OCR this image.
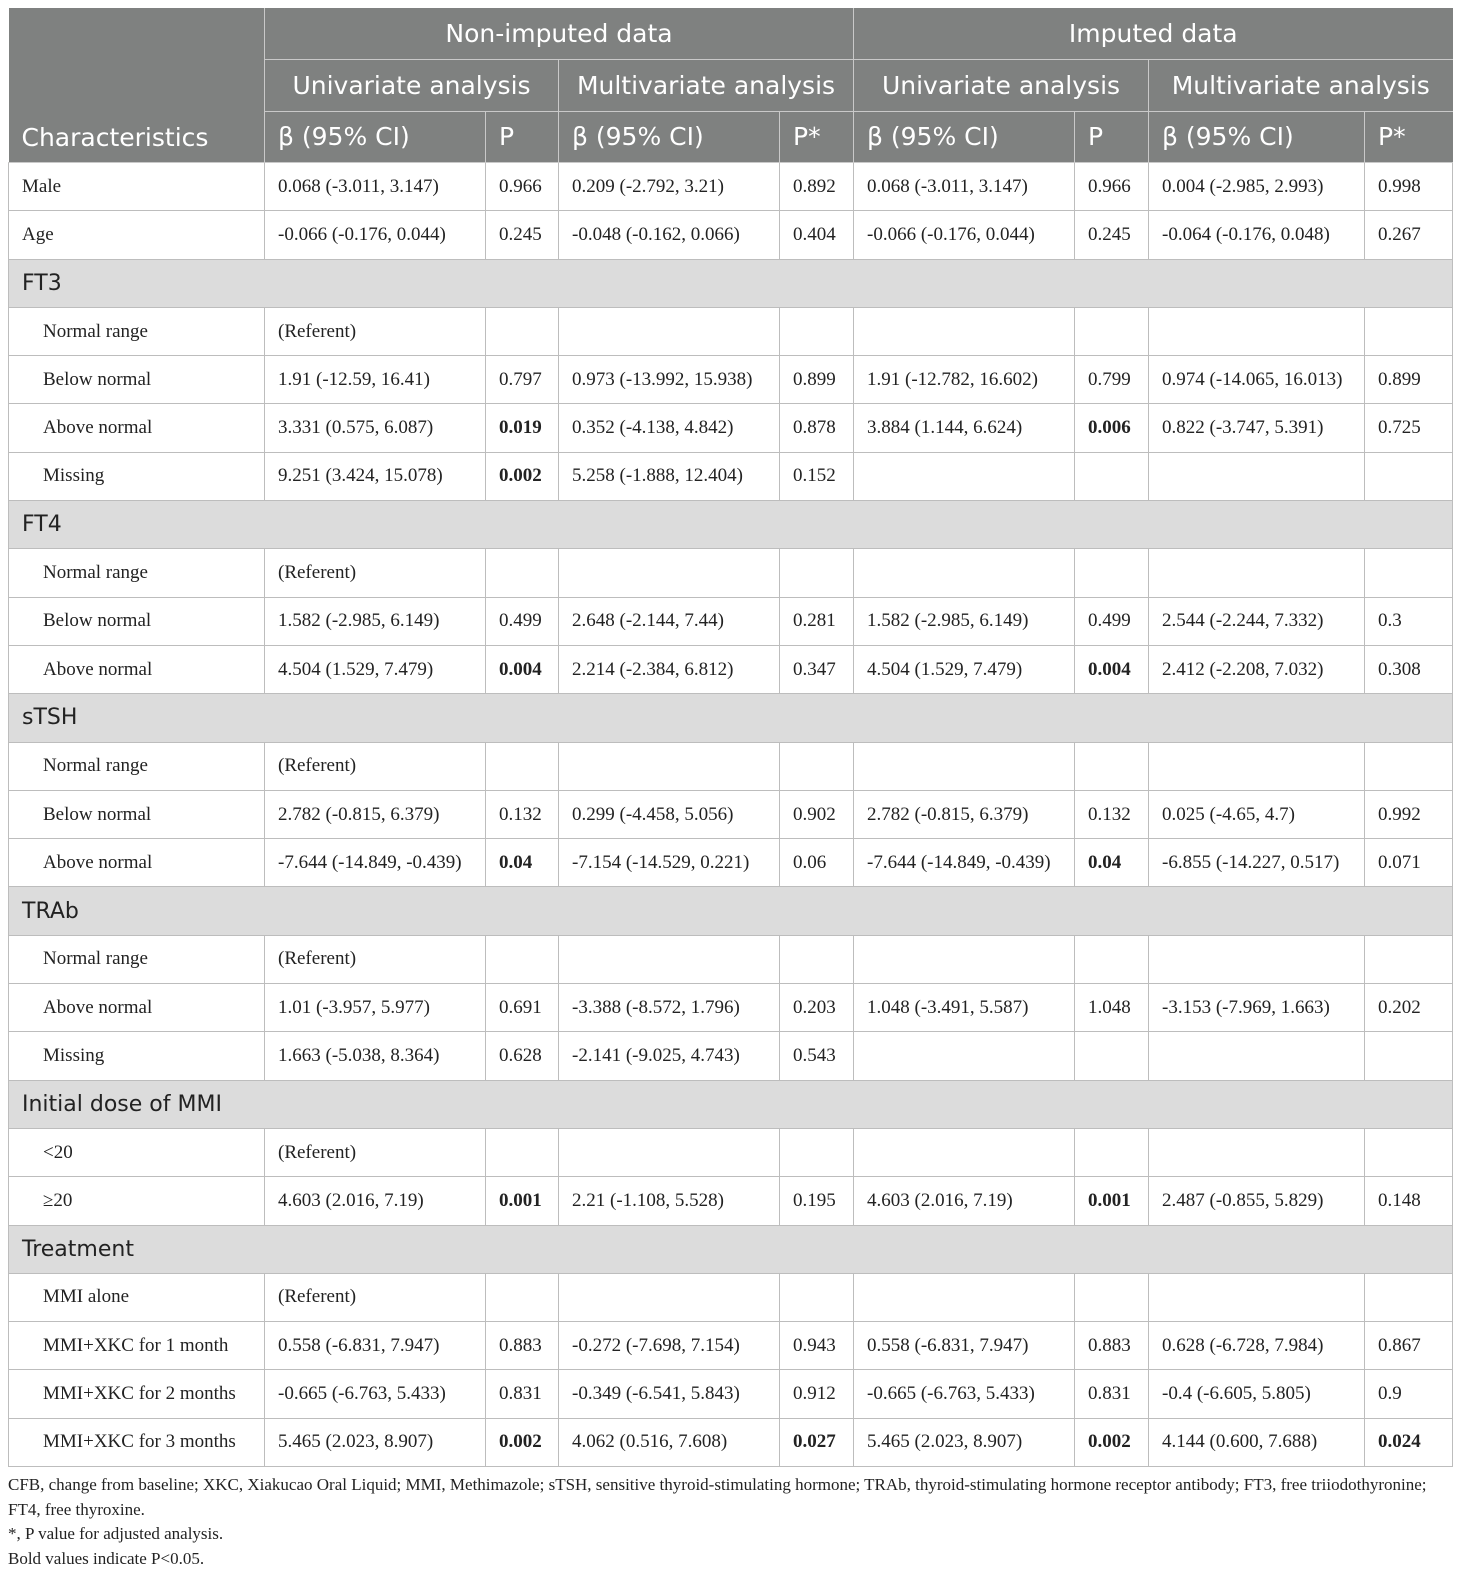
Characteristics	Non-imputed data				Imputed data			
	Univariate analysis		Multivariate analysis		Univariate analysis		Multivariate analysis	
	β (95% CI)	P	β (95% CI)	P*	β (95% CI)	P	β (95% CI)	P*
Male	0.068 (-3.011, 3.147)	0.966	0.209 (-2.792, 3.21)	0.892	0.068 (-3.011, 3.147)	0.966	0.004 (-2.985, 2.993)	0.998
Age	-0.066 (-0.176, 0.044)	0.245	-0.048 (-0.162, 0.066)	0.404	-0.066 (-0.176, 0.044)	0.245	-0.064 (-0.176, 0.048)	0.267
FT3								
Normal range	(Referent)							
Below normal	1.91 (-12.59, 16.41)	0.797	0.973 (-13.992, 15.938)	0.899	1.91 (-12.782, 16.602)	0.799	0.974 (-14.065, 16.013)	0.899
Above normal	3.331 (0.575, 6.087)	0.019	0.352 (-4.138, 4.842)	0.878	3.884 (1.144, 6.624)	0.006	0.822 (-3.747, 5.391)	0.725
Missing	9.251 (3.424, 15.078)	0.002	5.258 (-1.888, 12.404)	0.152				
FT4								
Normal range	(Referent)							
Below normal	1.582 (-2.985, 6.149)	0.499	2.648 (-2.144, 7.44)	0.281	1.582 (-2.985, 6.149)	0.499	2.544 (-2.244, 7.332)	0.3
Above normal	4.504 (1.529, 7.479)	0.004	2.214 (-2.384, 6.812)	0.347	4.504 (1.529, 7.479)	0.004	2.412 (-2.208, 7.032)	0.308
sTSH								
Normal range	(Referent)							
Below normal	2.782 (-0.815, 6.379)	0.132	0.299 (-4.458, 5.056)	0.902	2.782 (-0.815, 6.379)	0.132	0.025 (-4.65, 4.7)	0.992
Above normal	-7.644 (-14.849, -0.439)	0.04	-7.154 (-14.529, 0.221)	0.06	-7.644 (-14.849, -0.439)	0.04	-6.855 (-14.227, 0.517)	0.071
TRAb								
Normal range	(Referent)							
Above normal	1.01 (-3.957, 5.977)	0.691	-3.388 (-8.572, 1.796)	0.203	1.048 (-3.491, 5.587)	1.048	-3.153 (-7.969, 1.663)	0.202
Missing	1.663 (-5.038, 8.364)	0.628	-2.141 (-9.025, 4.743)	0.543				
Initial dose of MMI								
<20	(Referent)							
≥20	4.603 (2.016, 7.19)	0.001	2.21 (-1.108, 5.528)	0.195	4.603 (2.016, 7.19)	0.001	2.487 (-0.855, 5.829)	0.148
Treatment								
MMI alone	(Referent)							
MMI+XKC for 1 month	0.558 (-6.831, 7.947)	0.883	-0.272 (-7.698, 7.154)	0.943	0.558 (-6.831, 7.947)	0.883	0.628 (-6.728, 7.984)	0.867
MMI+XKC for 2 months	-0.665 (-6.763, 5.433)	0.831	-0.349 (-6.541, 5.843)	0.912	-0.665 (-6.763, 5.433)	0.831	-0.4 (-6.605, 5.805)	0.9
MMI+XKC for 3 months	5.465 (2.023, 8.907)	0.002	4.062 (0.516, 7.608)	0.027	5.465 (2.023, 8.907)	0.002	4.144 (0.600, 7.688)	0.024
CFB, change from baseline; XKC, Xiakucao Oral Liquid; MMI, Methimazole; sTSH, sensitive thyroid-stimulating hormone; TRAb, thyroid-stimulating hormone receptor antibody; FT3, free triiodothyronine; FT4, free thyroxine.
*, P value for adjusted analysis.
Bold values indicate P<0.05.
